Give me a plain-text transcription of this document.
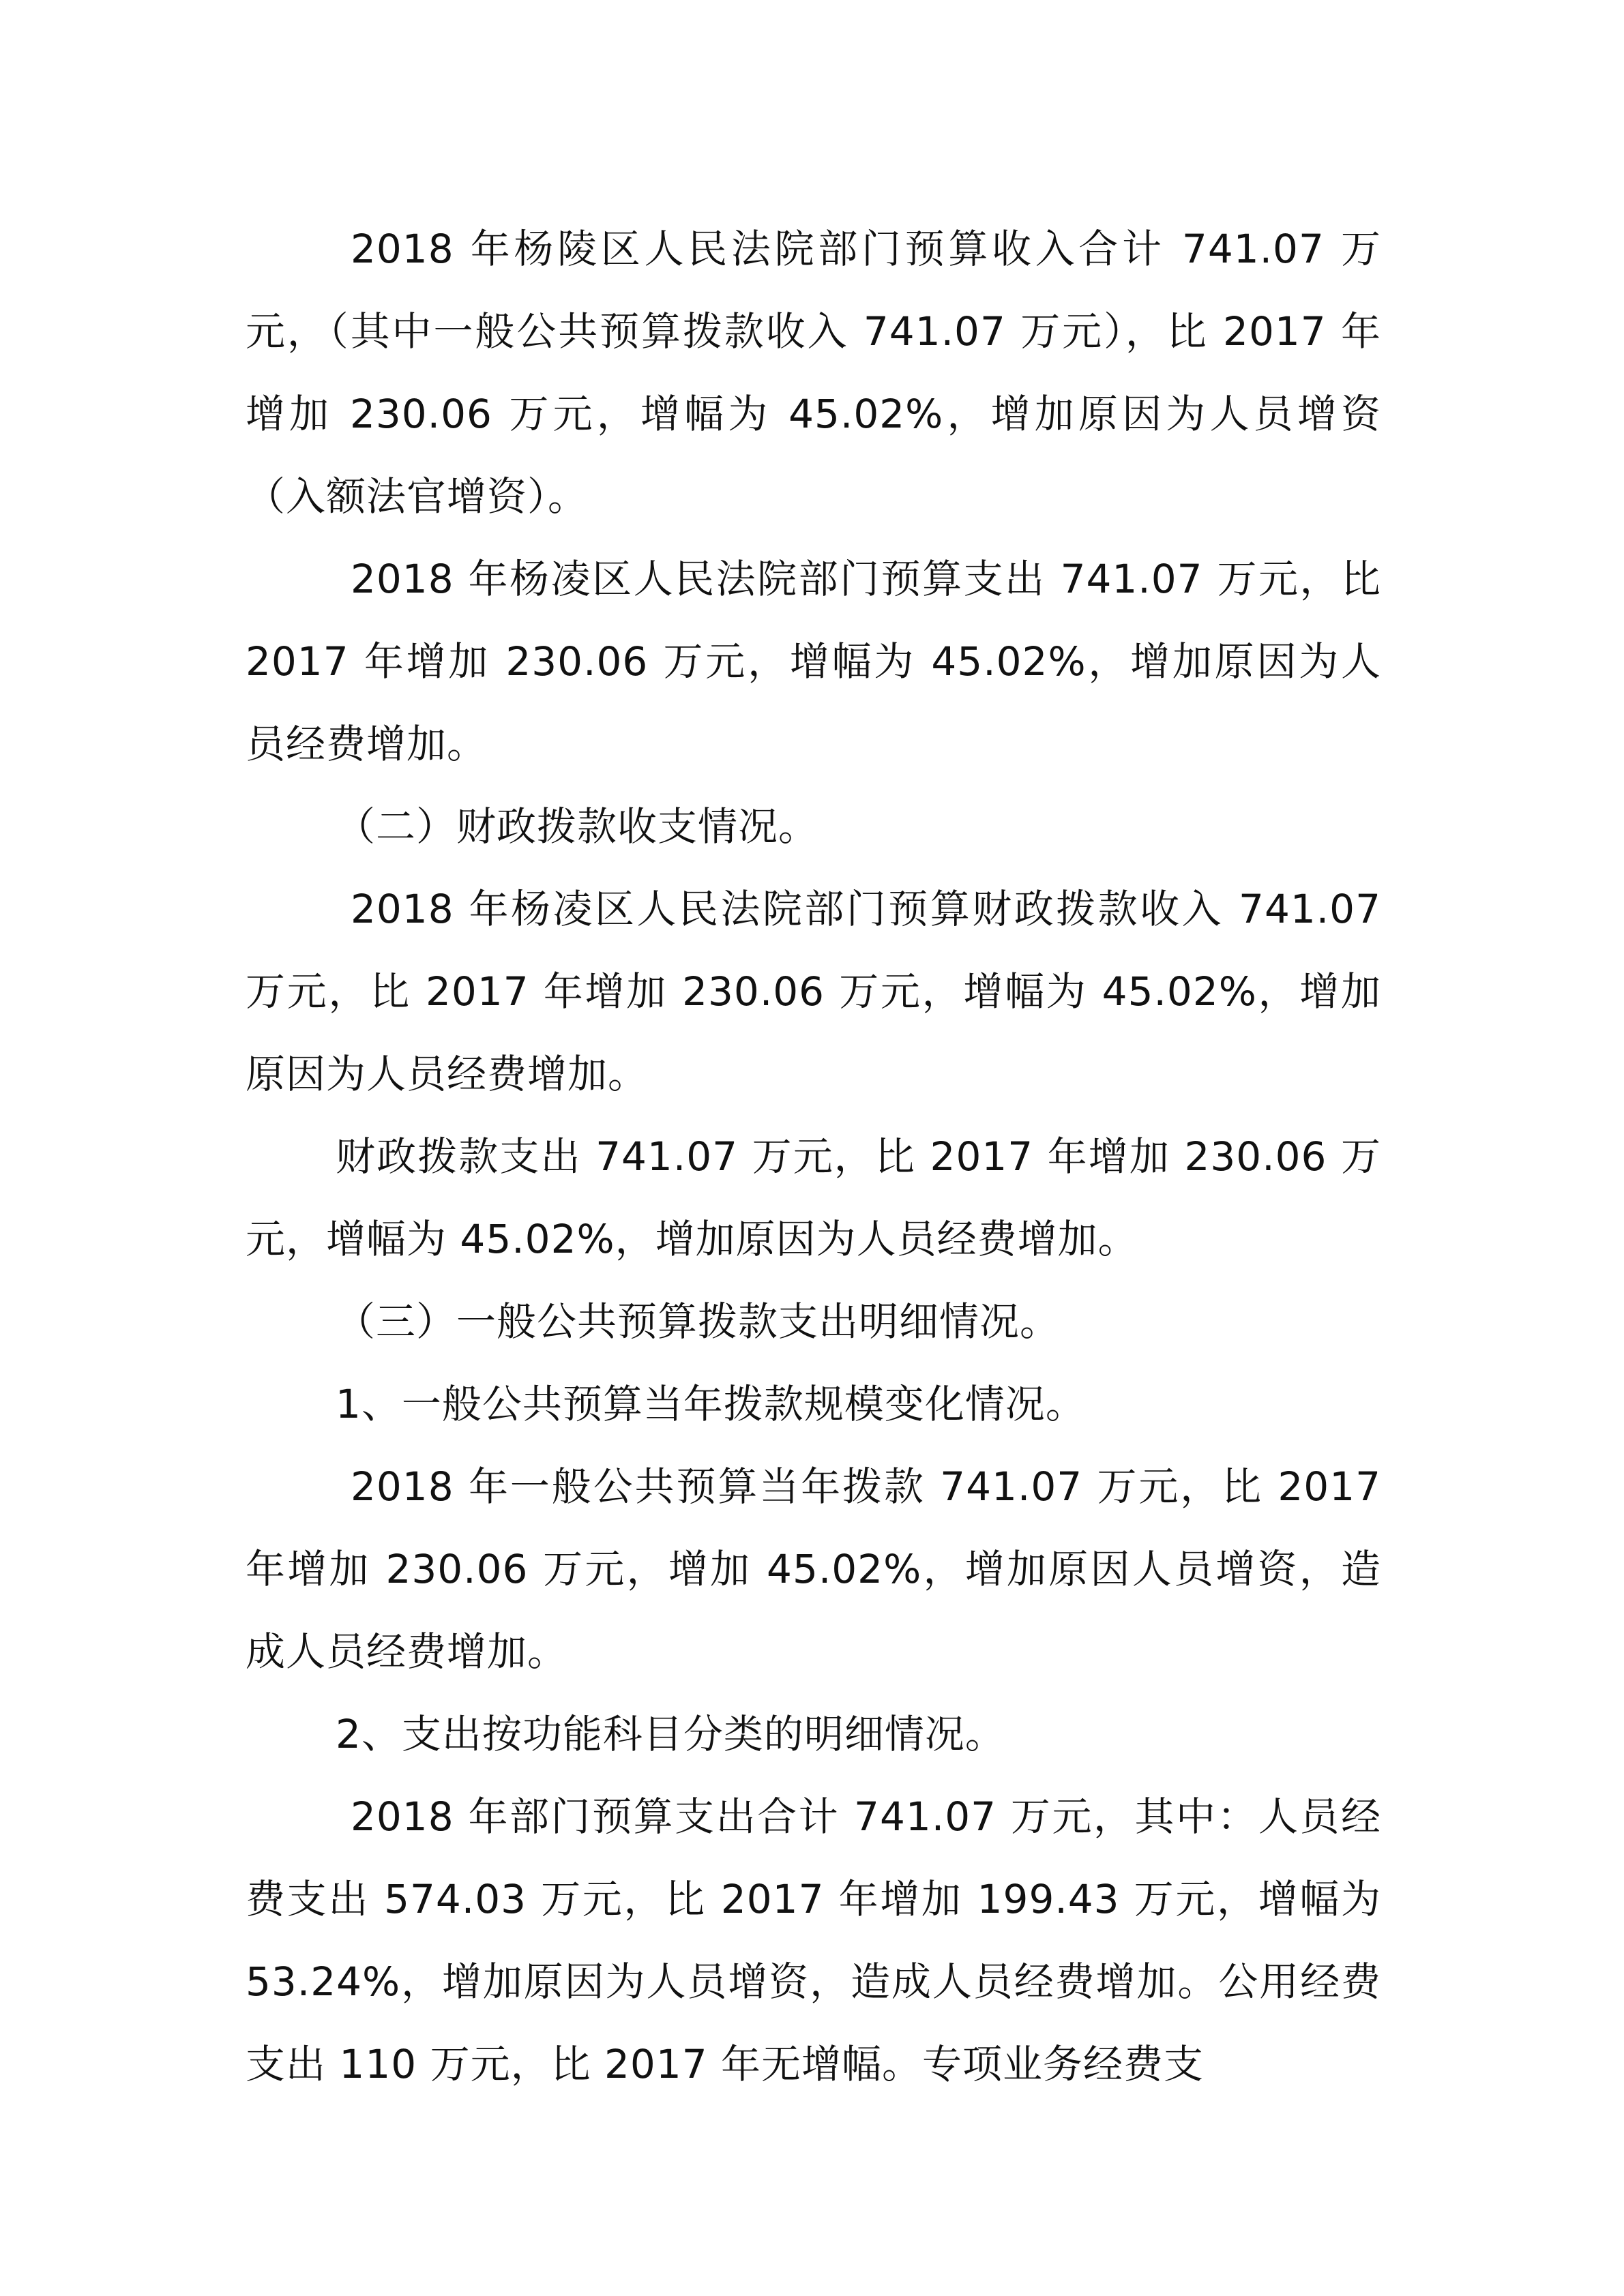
2018 年杨陵区人民法院部门预算收入合计 741.07 万元，（其中一般公共预算拨款收入 741.07 万元），比 2017 年增加 230.06 万元，增幅为 45.02%，增加原因为人员增资（入额法官增资）。

2018 年杨凌区人民法院部门预算支出 741.07 万元，比 2017 年增加 230.06 万元，增幅为 45.02%，增加原因为人员经费增加。

（二）财政拨款收支情况。

2018 年杨凌区人民法院部门预算财政拨款收入 741.07 万元，比 2017 年增加 230.06 万元，增幅为 45.02%，增加原因为人员经费增加。

财政拨款支出 741.07 万元，比 2017 年增加 230.06 万元，增幅为 45.02%，增加原因为人员经费增加。

（三）一般公共预算拨款支出明细情况。

1、一般公共预算当年拨款规模变化情况。

2018 年一般公共预算当年拨款 741.07 万元，比 2017 年增加 230.06 万元，增加 45.02%，增加原因人员增资，造成人员经费增加。

2、支出按功能科目分类的明细情况。

2018 年部门预算支出合计 741.07 万元，其中：人员经费支出 574.03 万元，比 2017 年增加 199.43 万元，增幅为 53.24%，增加原因为人员增资，造成人员经费增加。公用经费支出 110 万元，比 2017 年无增幅。专项业务经费支
